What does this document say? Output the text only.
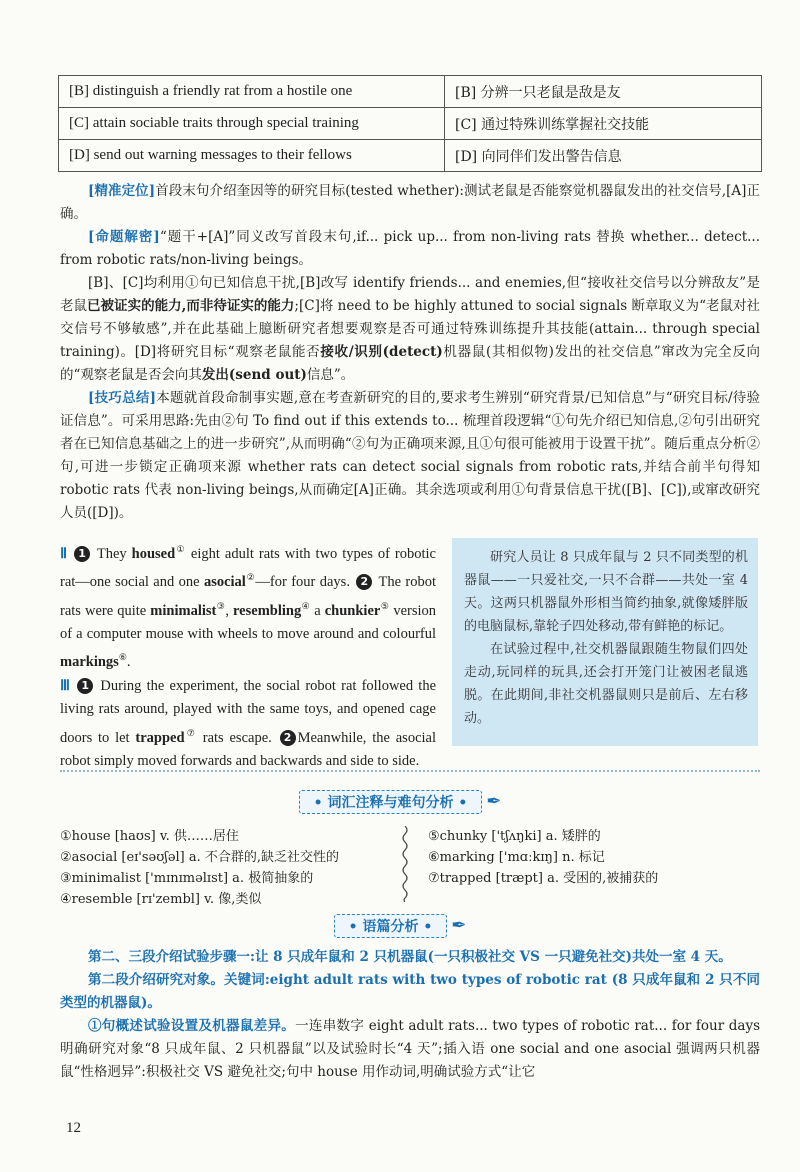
[B] distinguish a friendly rat from a hostile one	[B] 分辨一只老鼠是敌是友
[C] attain sociable traits through special training	[C] 通过特殊训练掌握社交技能
[D] send out warning messages to their fellows	[D] 向同伴们发出警告信息

[精准定位]首段末句介绍奎因等的研究目标(tested whether):测试老鼠是否能察觉机器鼠发出的社交信号,[A]正确。

[命题解密]“题干+[A]”同义改写首段末句,if... pick up... from non-living rats 替换 whether... detect... from robotic rats/non-living beings。

[B]、[C]均利用①句已知信息干扰,[B]改写 identify friends... and enemies,但“接收社交信号以分辨敌友”是老鼠已被证实的能力,而非待证实的能力;[C]将 need to be highly attuned to social signals 断章取义为“老鼠对社交信号不够敏感”,并在此基础上臆断研究者想要观察是否可通过特殊训练提升其技能(attain... through special training)。[D]将研究目标“观察老鼠能否接收/识别(detect)机器鼠(其相似物)发出的社交信息”窜改为完全反向的“观察老鼠是否会向其发出(send out)信息”。

[技巧总结]本题就首段命制事实题,意在考查新研究的目的,要求考生辨别“研究背景/已知信息”与“研究目标/待验证信息”。可采用思路:先由②句 To find out if this extends to... 梳理首段逻辑“①句先介绍已知信息,②句引出研究者在已知信息基础之上的进一步研究”,从而明确“②句为正确项来源,且①句很可能被用于设置干扰”。随后重点分析②句,可进一步锁定正确项来源 whether rats can detect social signals from robotic rats,并结合前半句得知 robotic rats 代表 non-living beings,从而确定[A]正确。其余选项或利用①句背景信息干扰([B]、[C]),或窜改研究人员([D])。

Ⅱ 1 They housed① eight adult rats with two types of robotic rat—one social and one asocial②—for four days. 2 The robot rats were quite minimalist③, resembling④ a chunkier⑤ version of a computer mouse with wheels to move around and colourful markings⑥.

Ⅲ 1 During the experiment, the social robot rat followed the living rats around, played with the same toys, and opened cage doors to let trapped⑦ rats escape. 2 Meanwhile, the asocial robot simply moved forwards and backwards and side to side.

研究人员让 8 只成年鼠与 2 只不同类型的机器鼠——一只爱社交,一只不合群——共处一室 4 天。这两只机器鼠外形相当简约抽象,就像矮胖版的电脑鼠标,靠轮子四处移动,带有鲜艳的标记。

在试验过程中,社交机器鼠跟随生物鼠们四处走动,玩同样的玩具,还会打开笼门让被困老鼠逃脱。在此期间,非社交机器鼠则只是前后、左右移动。

• 词汇注释与难句分析 • ✒
①house [haʊs] v. 供……居住
②asocial [eɪ'səʊʃəl] a. 不合群的,缺乏社交性的
③minimalist ['mɪnɪməlɪst] a. 极简抽象的
④resemble [rɪ'zembl] v. 像,类似
⑤chunky ['tʃʌŋki] a. 矮胖的
⑥marking ['mɑːkɪŋ] n. 标记
⑦trapped [træpt] a. 受困的,被捕获的
• 语篇分析 • ✒

第二、三段介绍试验步骤一:让 8 只成年鼠和 2 只机器鼠(一只积极社交 VS 一只避免社交)共处一室 4 天。

第二段介绍研究对象。关键词:eight adult rats with two types of robotic rat (8 只成年鼠和 2 只不同类型的机器鼠)。

①句概述试验设置及机器鼠差异。一连串数字 eight adult rats... two types of robotic rat... for four days 明确研究对象“8 只成年鼠、2 只机器鼠”以及试验时长“4 天”;插入语 one social and one asocial 强调两只机器鼠“性格迥异”:积极社交 VS 避免社交;句中 house 用作动词,明确试验方式“让它

12
